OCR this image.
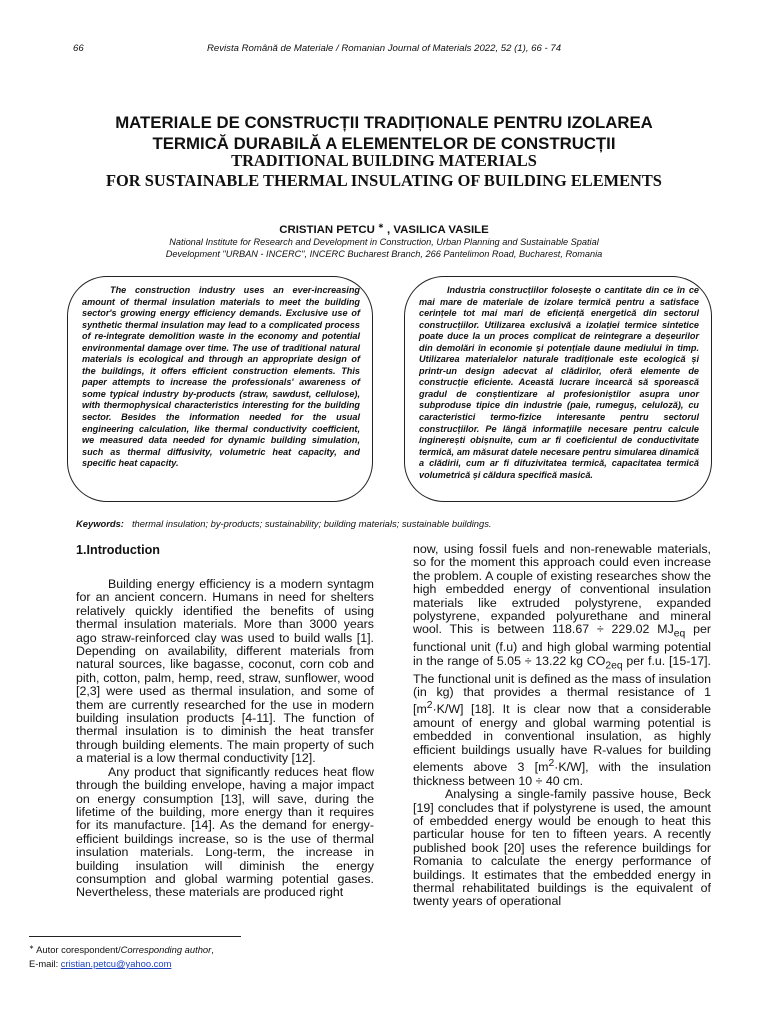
66	Revista Română de Materiale / Romanian Journal of Materials 2022, 52 (1), 66 - 74
MATERIALE DE CONSTRUCȚII TRADIȚIONALE PENTRU IZOLAREA
TERMICĂ DURABILĂ A ELEMENTELOR DE CONSTRUCȚII
TRADITIONAL BUILDING MATERIALS
FOR SUSTAINABLE THERMAL INSULATING OF BUILDING ELEMENTS
CRISTIAN PETCU ∗ , VASILICA VASILE
National Institute for Research and Development in Construction, Urban Planning and Sustainable Spatial
Development "URBAN - INCERC", INCERC Bucharest Branch, 266 Pantelimon Road, Bucharest, Romania

The construction industry uses an ever-increasing amount of thermal insulation materials to meet the building sector's growing energy efficiency demands. Exclusive use of synthetic thermal insulation may lead to a complicated process of re-integrate demolition waste in the economy and potential environmental damage over time. The use of traditional natural materials is ecological and through an appropriate design of the buildings, it offers efficient construction elements. This paper attempts to increase the professionals' awareness of some typical industry by-products (straw, sawdust, cellulose), with thermophysical characteristics interesting for the building sector. Besides the information needed for the usual engineering calculation, like thermal conductivity coefficient, we measured data needed for dynamic building simulation, such as thermal diffusivity, volumetric heat capacity, and specific heat capacity.

Industria construcțiilor folosește o cantitate din ce în ce mai mare de materiale de izolare termică pentru a satisface cerințele tot mai mari de eficiență energetică din sectorul construcțiilor. Utilizarea exclusivă a izolației termice sintetice poate duce la un proces complicat de reintegrare a deșeurilor din demolări în economie și potențiale daune mediului în timp. Utilizarea materialelor naturale tradiționale este ecologică și printr-un design adecvat al clădirilor, oferă elemente de construcție eficiente. Această lucrare încearcă să sporească gradul de conștientizare al profesioniștilor asupra unor subproduse tipice din industrie (paie, rumeguș, celuloză), cu caracteristici termo-fizice interesante pentru sectorul construcțiilor. Pe lângă informațiile necesare pentru calcule inginerești obișnuite, cum ar fi coeficientul de conductivitate termică, am măsurat datele necesare pentru simularea dinamică a clădirii, cum ar fi difuzivitatea termică, capacitatea termică volumetrică și căldura specifică masică.

Keywords: thermal insulation; by-products; sustainability; building materials; sustainable buildings.
1.Introduction

Building energy efficiency is a modern syntagm for an ancient concern. Humans in need for shelters relatively quickly identified the benefits of using thermal insulation materials. More than 3000 years ago straw-reinforced clay was used to build walls [1]. Depending on availability, different materials from natural sources, like bagasse, coconut, corn cob and pith, cotton, palm, hemp, reed, straw, sunflower, wood [2,3] were used as thermal insulation, and some of them are currently researched for the use in modern building insulation products [4-11]. The function of thermal insulation is to diminish the heat transfer through building elements. The main property of such a material is a low thermal conductivity [12].

Any product that significantly reduces heat flow through the building envelope, having a major impact on energy consumption [13], will save, during the lifetime of the building, more energy than it requires for its manufacture. [14]. As the demand for energy-efficient buildings increase, so is the use of thermal insulation materials. Long-term, the increase in building insulation will diminish the energy consumption and global warming potential gases. Nevertheless, these materials are produced right

now, using fossil fuels and non-renewable materials, so for the moment this approach could even increase the problem. A couple of existing researches show the high embedded energy of conventional insulation materials like extruded polystyrene, expanded polystyrene, expanded polyurethane and mineral wool. This is between 118.67 ÷ 229.02 $MJ_{eq}$ per functional unit (f.u) and high global warming potential in the range of 5.05 ÷ 13.22 kg $CO_{2eq}$ per f.u. [15-17]. The functional unit is defined as the mass of insulation (in kg) that provides a thermal resistance of 1 $[m^2\cdot K/W]$ [18]. It is clear now that a considerable amount of energy and global warming potential is embedded in conventional insulation, as highly efficient buildings usually have R-values for building elements above 3 $[m^2\cdot K/W]$, with the insulation thickness between 10 ÷ 40 cm.

Analysing a single-family passive house, Beck [19] concludes that if polystyrene is used, the amount of embedded energy would be enough to heat this particular house for ten to fifteen years. A recently published book [20] uses the reference buildings for Romania to calculate the energy performance of buildings. It estimates that the embedded energy in thermal rehabilitated buildings is the equivalent of twenty years of operational

∗ Autor corespondent/Corresponding author,
E-mail: cristian.petcu@yahoo.com
